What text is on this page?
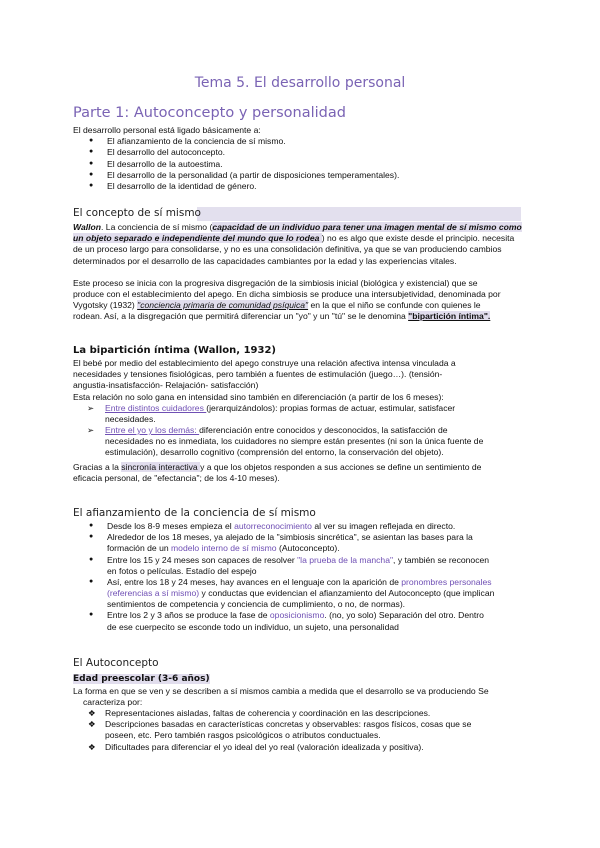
Tema 5. El desarrollo personal
Parte 1: Autoconcepto y personalidad
El desarrollo personal está ligado básicamente a:
● El afianzamiento de la conciencia de sí mismo.
● El desarrollo del autoconcepto.
● El desarrollo de la autoestima.
● El desarrollo de la personalidad (a partir de disposiciones temperamentales).
● El desarrollo de la identidad de género.
El concepto de sí mismo
Wallon. La conciencia de sí mismo (capacidad de un individuo para tener una imagen mental de sí mismo como
un objeto separado e independiente del mundo que lo rodea ) no es algo que existe desde el principio. necesita
de un proceso largo para consolidarse, y no es una consolidación definitiva, ya que se van produciendo cambios
determinados por el desarrollo de las capacidades cambiantes por la edad y las experiencias vitales.
Este proceso se inicia con la progresiva disgregación de la simbiosis inicial (biológica y existencial) que se
produce con el establecimiento del apego. En dicha simbiosis se produce una intersubjetividad, denominada por
Vygotsky (1932) "conciencia primaria de comunidad psíquica" en la que el niño se confunde con quienes le
rodean. Así, a la disgregación que permitirá diferenciar un "yo" y un "tú" se le denomina "bipartición íntima".
La bipartición íntima (Wallon, 1932)
El bebé por medio del establecimiento del apego construye una relación afectiva intensa vinculada a
necesidades y tensiones fisiológicas, pero también a fuentes de estimulación (juego…). (tensión-
angustia-insatisfacción- Relajación- satisfacción)
Esta relación no solo gana en intensidad sino también en diferenciación (a partir de los 6 meses):
➢ Entre distintos cuidadores (jerarquizándolos): propias formas de actuar, estimular, satisfacer
necesidades.
➢ Entre el yo y los demás: diferenciación entre conocidos y desconocidos, la satisfacción de
necesidades no es inmediata, los cuidadores no siempre están presentes (ni son la única fuente de
estimulación), desarrollo cognitivo (comprensión del entorno, la conservación del objeto).
Gracias a la sincronía interactiva y a que los objetos responden a sus acciones se define un sentimiento de
eficacia personal, de "efectancia"; de los 4-10 meses).
El afianzamiento de la conciencia de sí mismo
● Desde los 8-9 meses empieza el autorreconocimiento al ver su imagen reflejada en directo.
● Alrededor de los 18 meses, ya alejado de la "simbiosis sincrética", se asientan las bases para la
formación de un modelo interno de sí mismo (Autoconcepto).
● Entre los 15 y 24 meses son capaces de resolver "la prueba de la mancha", y también se reconocen
en fotos o películas. Estadío del espejo
● Así, entre los 18 y 24 meses, hay avances en el lenguaje con la aparición de pronombres personales
(referencias a sí mismo) y conductas que evidencian el afianzamiento del Autoconcepto (que implican
sentimientos de competencia y conciencia de cumplimiento, o no, de normas).
● Entre los 2 y 3 años se produce la fase de oposicionismo. (no, yo solo) Separación del otro. Dentro
de ese cuerpecito se esconde todo un individuo, un sujeto, una personalidad
El Autoconcepto
Edad preescolar (3-6 años)
La forma en que se ven y se describen a sí mismos cambia a medida que el desarrollo se va produciendo Se
caracteriza por:
❖ Representaciones aisladas, faltas de coherencia y coordinación en las descripciones.
❖ Descripciones basadas en características concretas y observables: rasgos físicos, cosas que se
poseen, etc. Pero también rasgos psicológicos o atributos conductuales.
❖ Dificultades para diferenciar el yo ideal del yo real (valoración idealizada y positiva).
